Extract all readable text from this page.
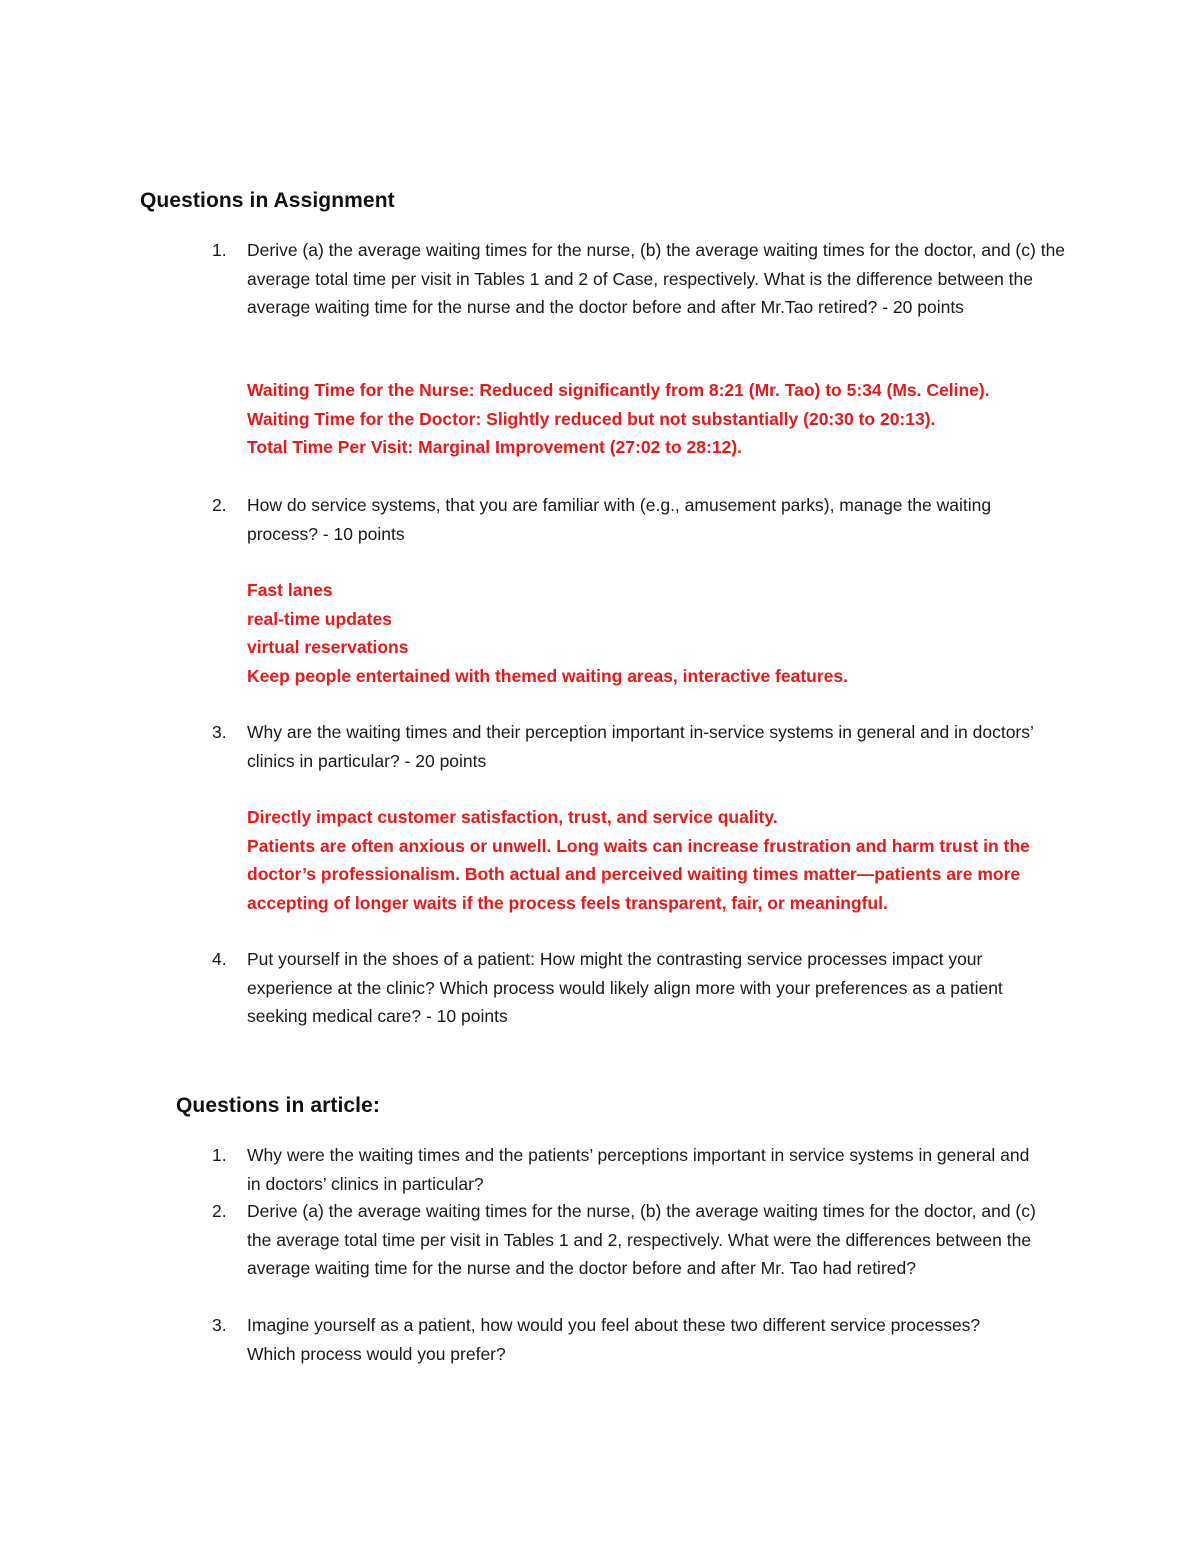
Questions in Assignment
1.	Derive (a) the average waiting times for the nurse, (b) the average waiting times for the doctor, and (c) the average total time per visit in Tables 1 and 2 of Case, respectively. What is the difference between the average waiting time for the nurse and the doctor before and after Mr.Tao retired? - 20 points
Waiting Time for the Nurse: Reduced significantly from 8:21 (Mr. Tao) to 5:34 (Ms. Celine).
Waiting Time for the Doctor: Slightly reduced but not substantially (20:30 to 20:13).
Total Time Per Visit: Marginal Improvement (27:02 to 28:12).
2.	How do service systems, that you are familiar with (e.g., amusement parks), manage the waiting process? - 10 points
Fast lanes
real-time updates
virtual reservations
Keep people entertained with themed waiting areas, interactive features.
3.	Why are the waiting times and their perception important in-service systems in general and in doctors’ clinics in particular? - 20 points
Directly impact customer satisfaction, trust, and service quality.
Patients are often anxious or unwell. Long waits can increase frustration and harm trust in the doctor’s professionalism. Both actual and perceived waiting times matter—patients are more accepting of longer waits if the process feels transparent, fair, or meaningful.
4.	Put yourself in the shoes of a patient: How might the contrasting service processes impact your experience at the clinic? Which process would likely align more with your preferences as a patient seeking medical care? - 10 points
Questions in article:
1.	Why were the waiting times and the patients’ perceptions important in service systems in general and in doctors’ clinics in particular?
2.	Derive (a) the average waiting times for the nurse, (b) the average waiting times for the doctor, and (c) the average total time per visit in Tables 1 and 2, respectively. What were the differences between the average waiting time for the nurse and the doctor before and after Mr. Tao had retired?
3.	Imagine yourself as a patient, how would you feel about these two different service processes? Which process would you prefer?
